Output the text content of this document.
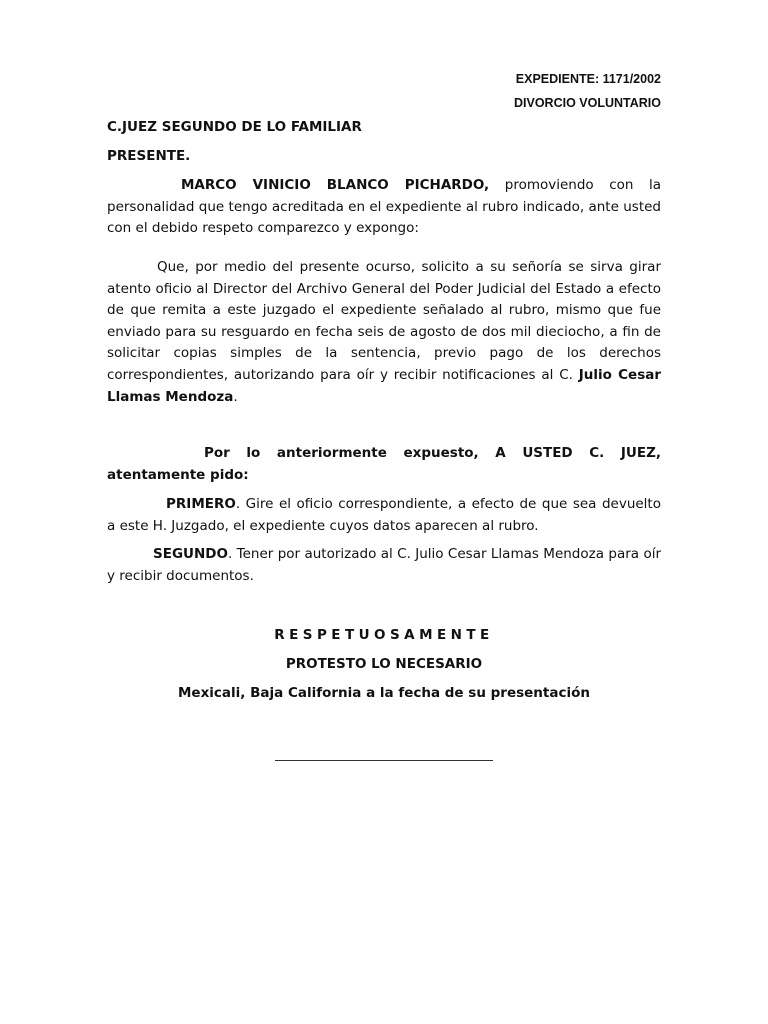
EXPEDIENTE: 1171/2002

DIVORCIO VOLUNTARIO

C.JUEZ SEGUNDO DE LO FAMILIAR

PRESENTE.

MARCO VINICIO BLANCO PICHARDO, promoviendo con la personalidad que tengo acreditada en el expediente al rubro indicado, ante usted con el debido respeto comparezco y expongo:

Que, por medio del presente ocurso, solicito a su señoría se sirva girar atento oficio al Director del Archivo General del Poder Judicial del Estado a efecto de que remita a este juzgado el expediente señalado al rubro, mismo que fue enviado para su resguardo en fecha seis de agosto de dos mil dieciocho, a fin de solicitar copias simples de la sentencia, previo pago de los derechos correspondientes, autorizando para oír y recibir notificaciones al C. Julio Cesar Llamas Mendoza.

Por lo anteriormente expuesto, A USTED C. JUEZ, atentamente pido:

PRIMERO. Gire el oficio correspondiente, a efecto de que sea devuelto a este H. Juzgado, el expediente cuyos datos aparecen al rubro.

SEGUNDO. Tener por autorizado al C. Julio Cesar Llamas Mendoza para oír y recibir documentos.

RESPETUOSAMENTE

PROTESTO LO NECESARIO

Mexicali, Baja California a la fecha de su presentación
